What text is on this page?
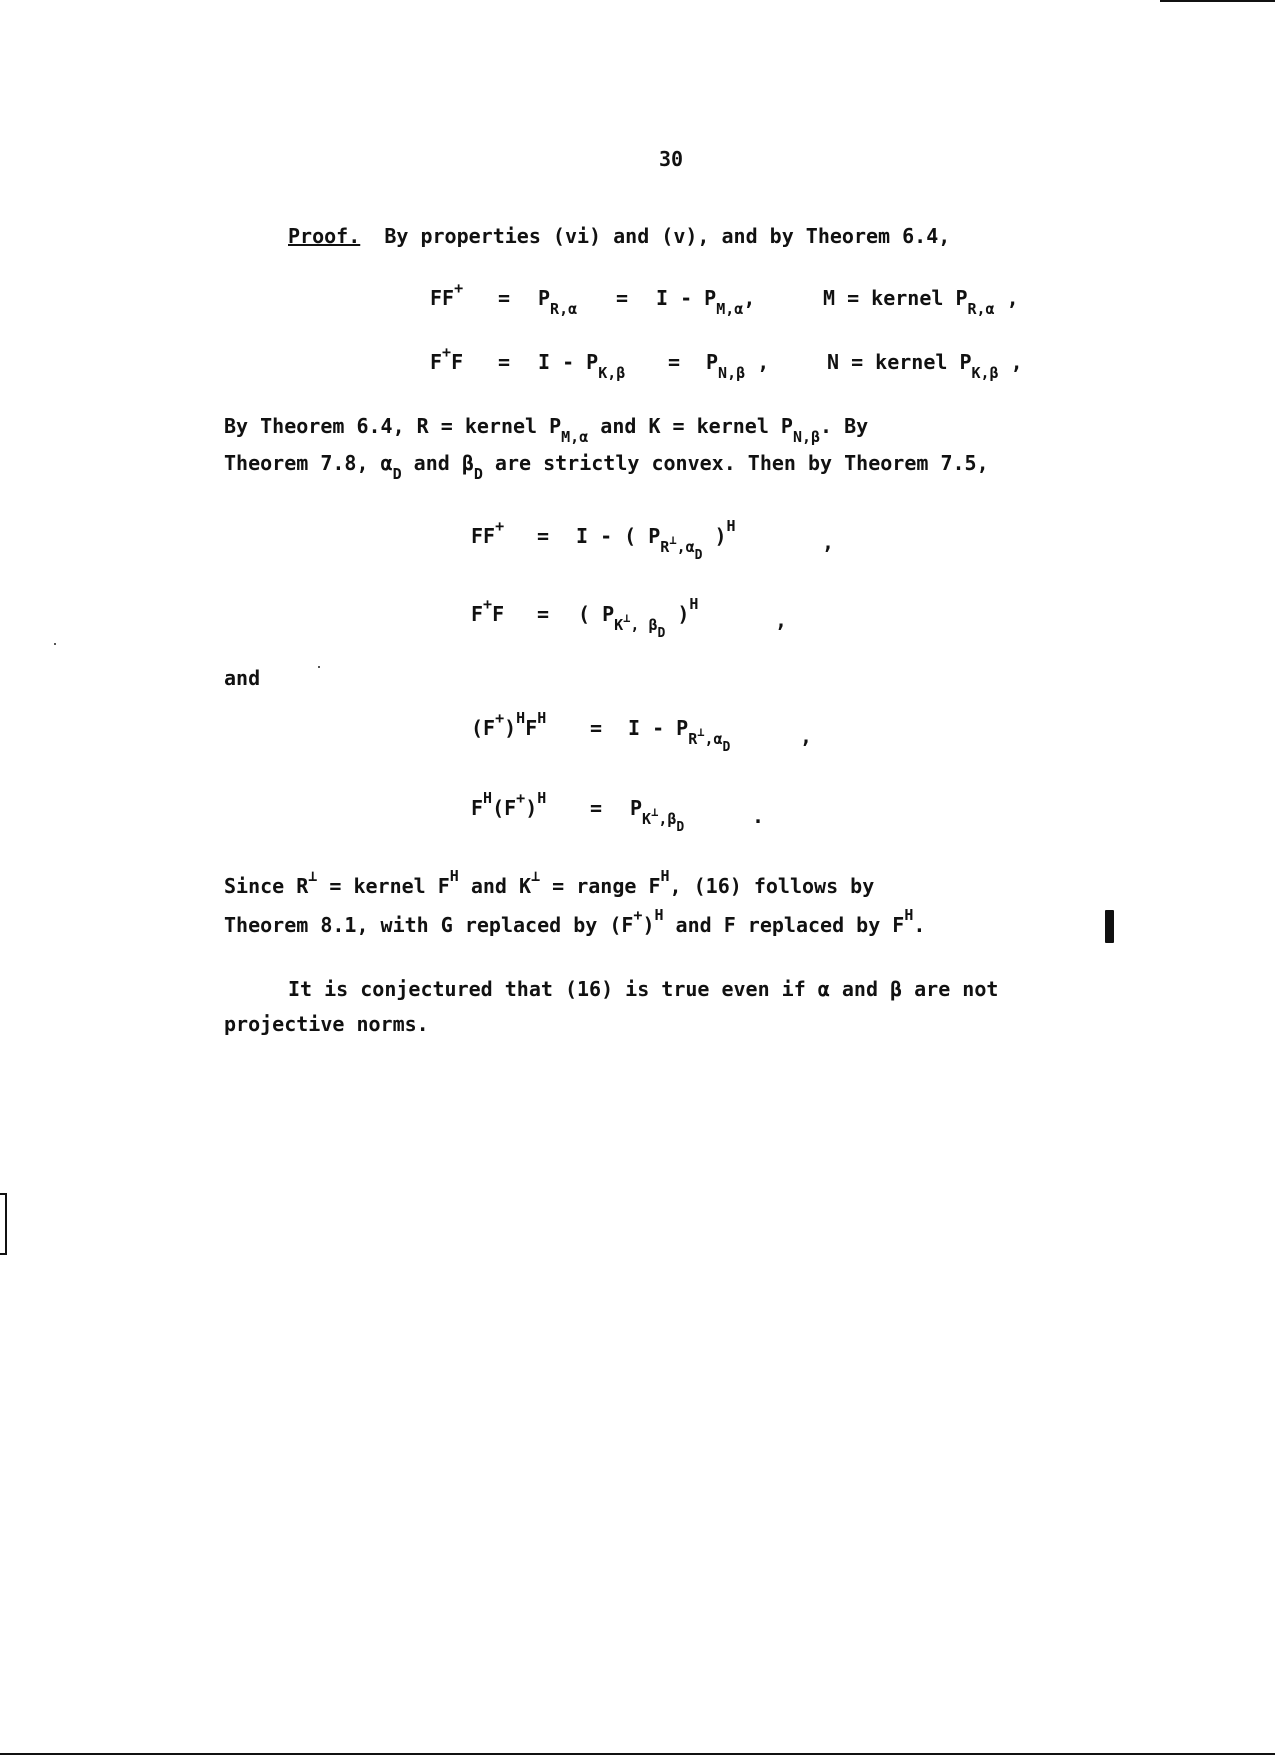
30
Proof. By properties (vi) and (v), and by Theorem 6.4,
$FF^+ = P_{R,\alpha} = I - P_{M,\alpha}$,	M = kernel $P_{R,\alpha}$ ,
$F^+F = I - P_{K,\beta} = P_{N,\beta}$ ,	N = kernel $P_{K,\beta}$ ,
By Theorem 6.4, R = kernel $P_{M,\alpha}$ and K = kernel $P_{N,\beta}$. By
Theorem 7.8, $\alpha_D$ and $\beta_D$ are strictly convex. Then by Theorem 7.5,
FF+ = I - ( $P_{R^\perp,\alpha_D}$ )$^H$
,
F+F = ( $P_{K^\perp, \beta_D}$ )$^H$
,
and
$(F^+)^HF^H = I - P_{R^\perp,\alpha_D}$	,
$F^H(F^+)^H = P_{K^\perp,\beta_D}$	.
Since R⊥ = kernel $F^H$ and K⊥ = range $F^H$, (16) follows by
Theorem 8.1, with G replaced by $(F^+)^H$ and F replaced by $F^H$.
It is conjectured that (16) is true even if α and β are not
projective norms.
